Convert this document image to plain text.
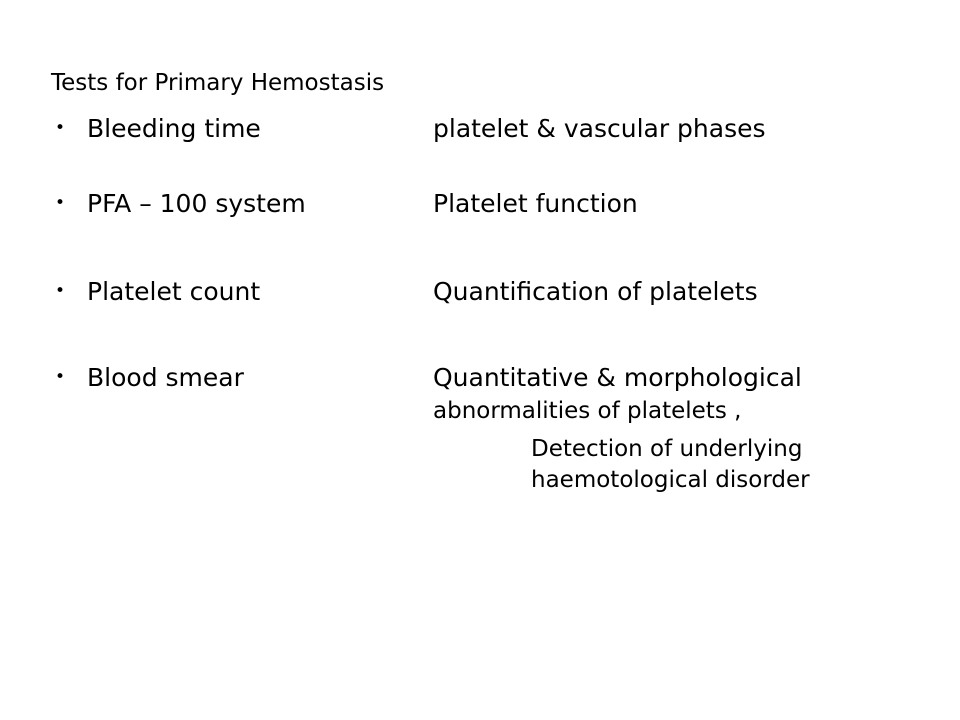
Tests for Primary Hemostasis
• Bleeding time	platelet & vascular phases
• PFA – 100 system	Platelet function
• Platelet count	Quantification of platelets
• Blood smear	Quantitative & morphological
abnormalities of platelets ,
Detection of underlying
haemotological disorder
